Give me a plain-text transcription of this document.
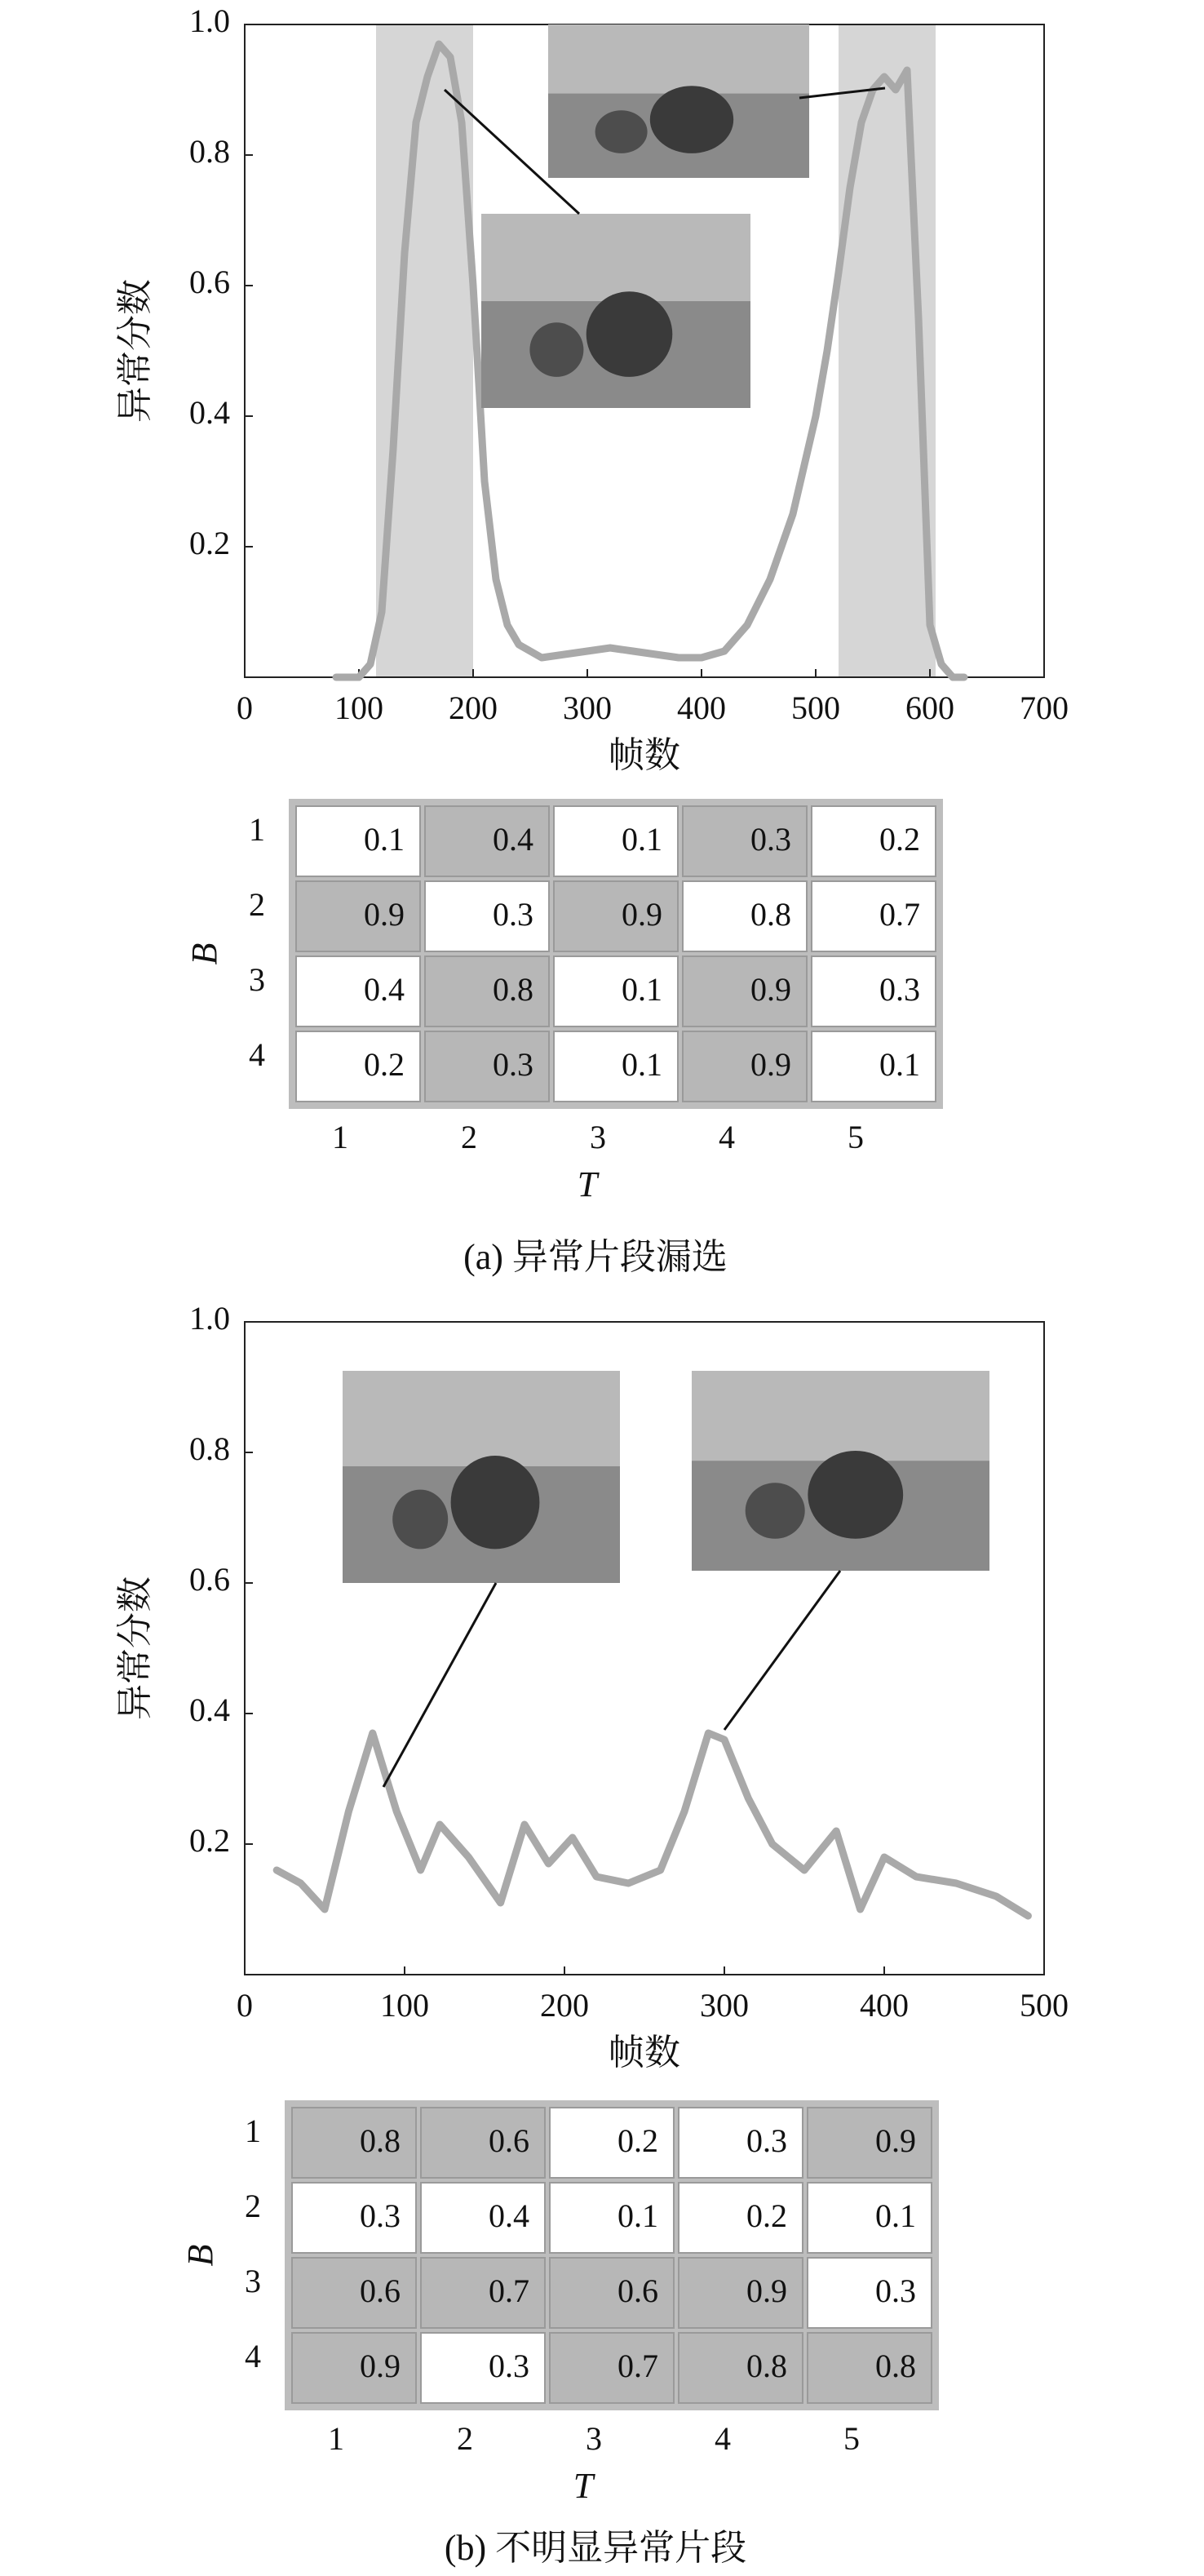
0	100 200 300 400 500 600 700
0.2
0.4
0.6
0.8
1.0
帧数
异常分数
0.1	0.4	0.1	0.3	0.2
0.9	0.3	0.9	0.8	0.7
0.4	0.8	0.1	0.9	0.3
0.2	0.3	0.1	0.9	0.1
1
2
3
4
1	2	3	4	5
B
T
(a) 异常片段漏选
0	100	200	300	400	500
0.2
0.4
0.6
0.8
1.0
帧数
异常分数
0.8	0.6	0.2	0.3	0.9
0.3	0.4	0.1	0.2	0.1
0.6	0.7	0.6	0.9	0.3
0.9	0.3	0.7	0.8	0.8
1
2
3
4
1	2	3	4	5
B
T
(b) 不明显异常片段
